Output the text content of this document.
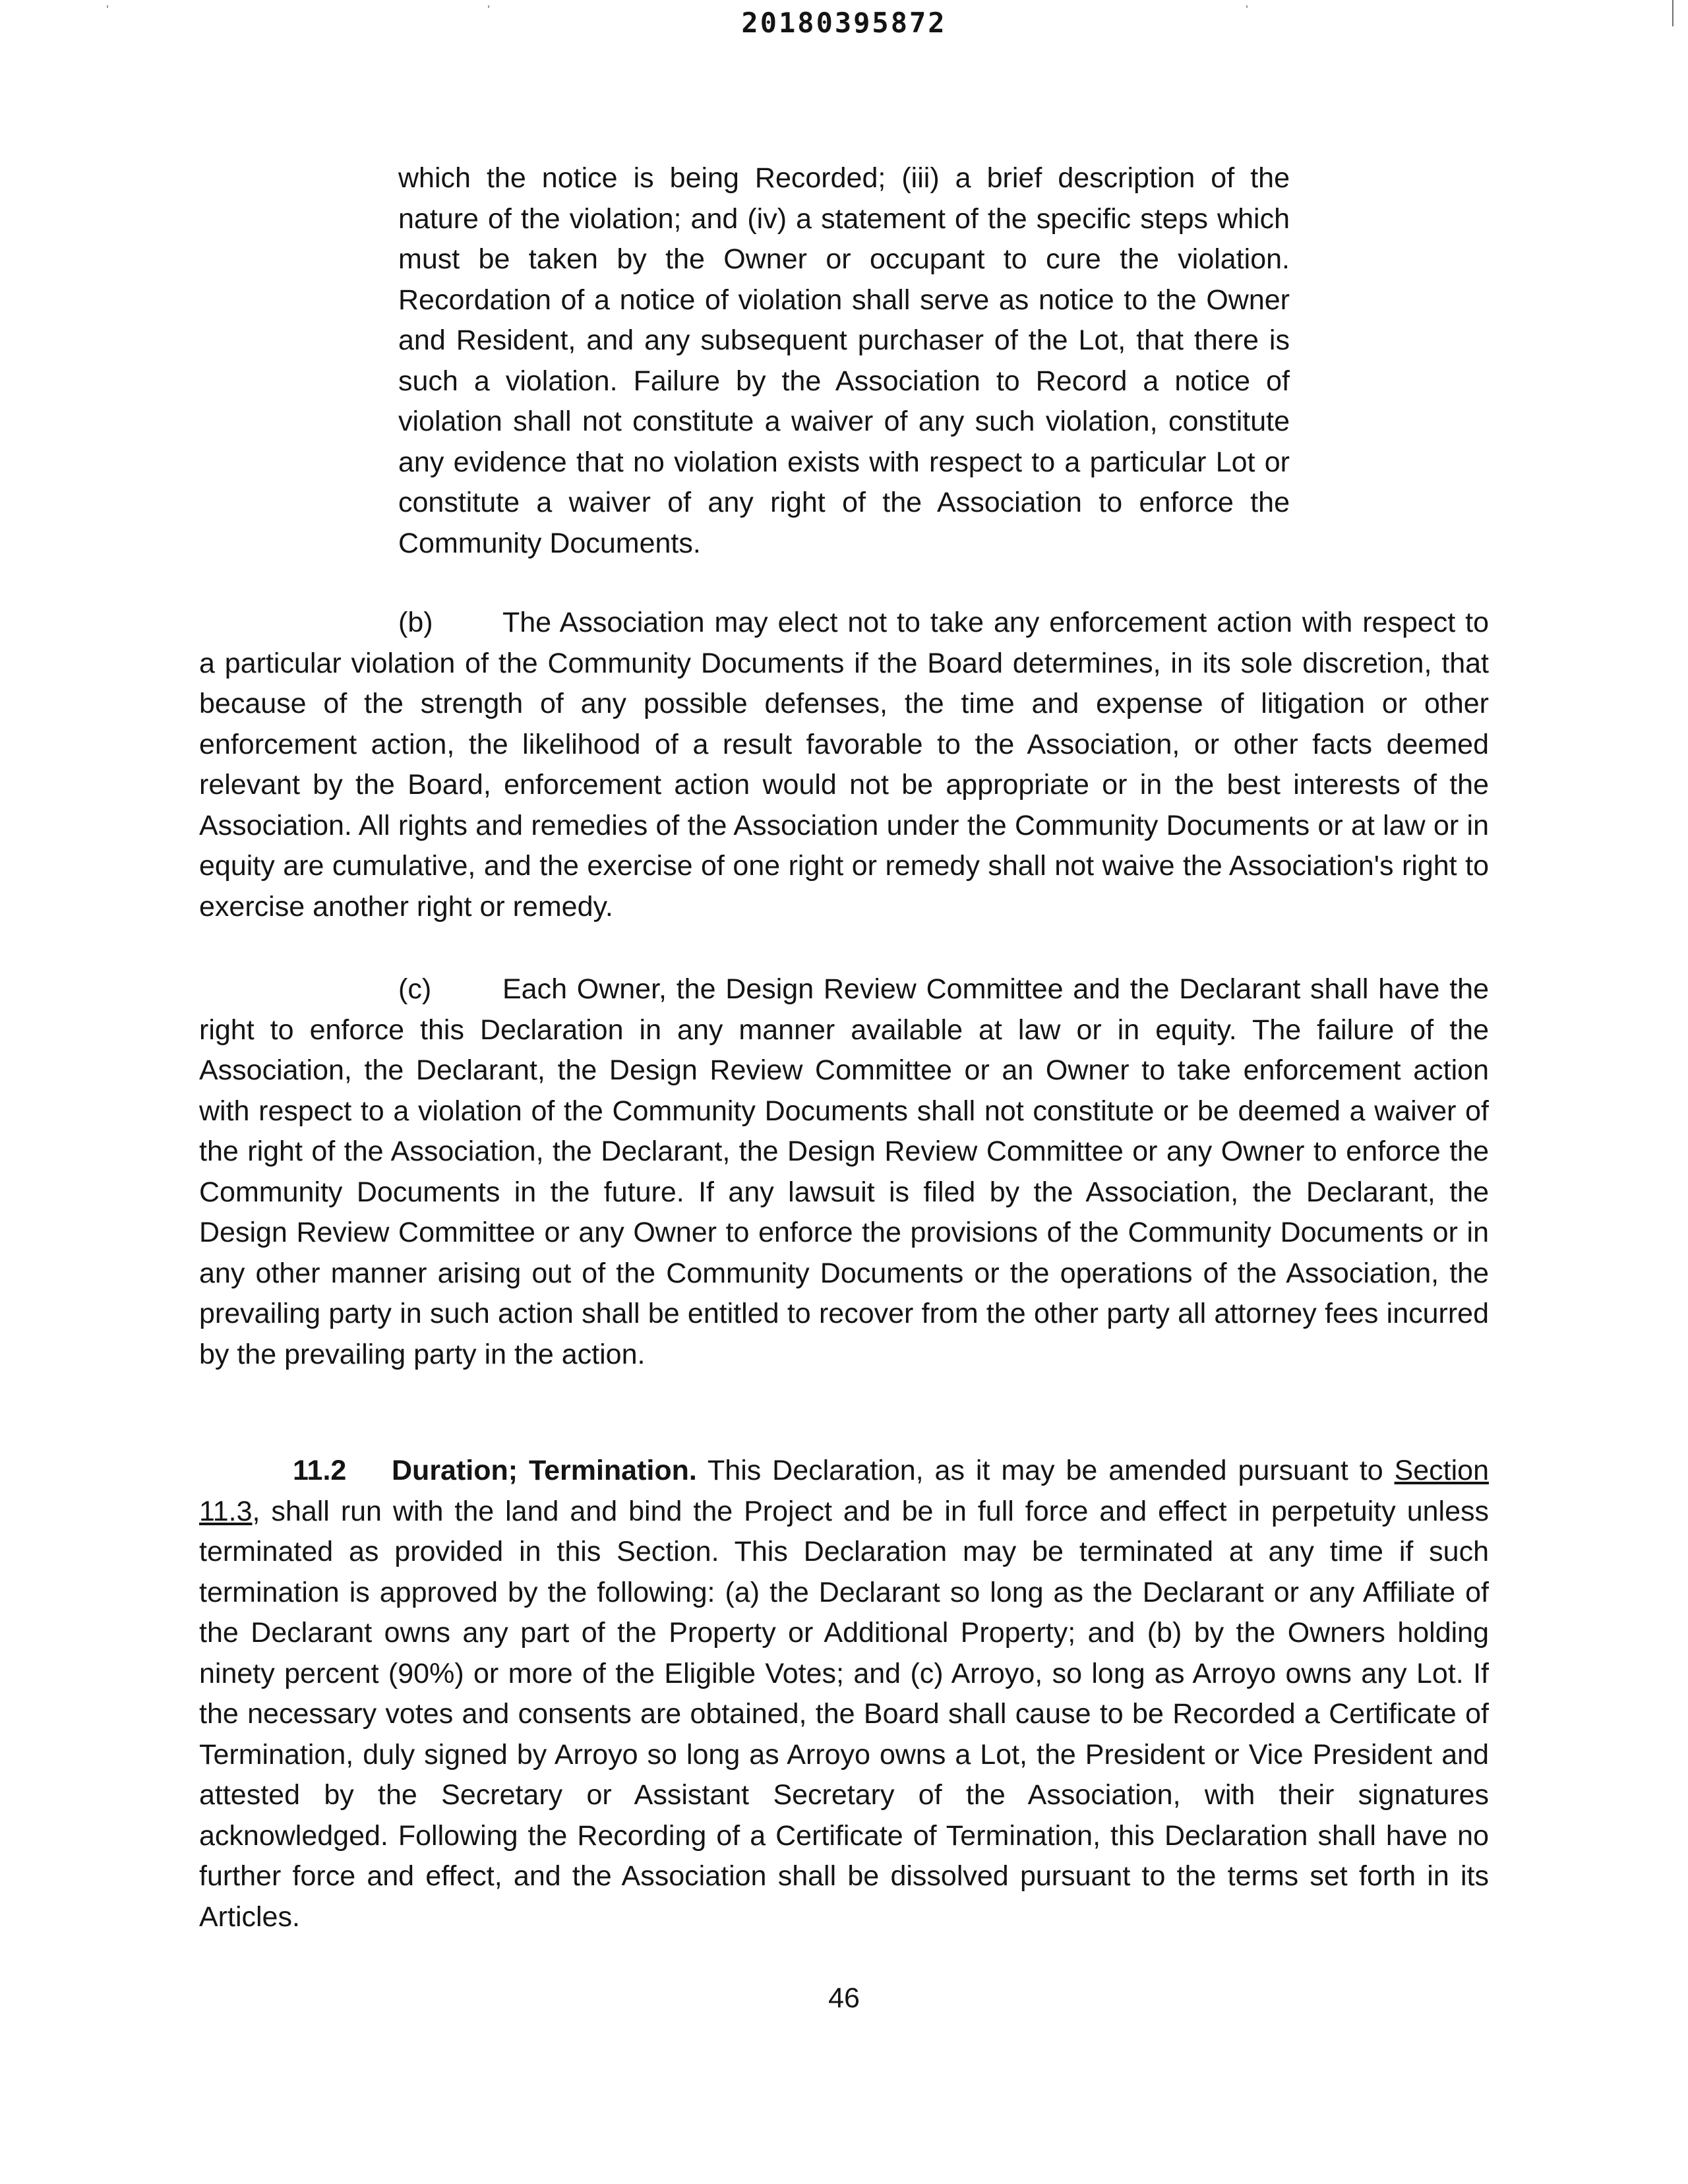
20180395872

which the notice is being Recorded; (iii) a brief description of the nature of the violation; and (iv) a statement of the specific steps which must be taken by the Owner or occupant to cure the violation. Recordation of a notice of violation shall serve as notice to the Owner and Resident, and any subsequent purchaser of the Lot, that there is such a violation. Failure by the Association to Record a notice of violation shall not constitute a waiver of any such violation, constitute any evidence that no violation exists with respect to a particular Lot or constitute a waiver of any right of the Association to enforce the Community Documents.

(b) The Association may elect not to take any enforcement action with respect to a particular violation of the Community Documents if the Board determines, in its sole discretion, that because of the strength of any possible defenses, the time and expense of litigation or other enforcement action, the likelihood of a result favorable to the Association, or other facts deemed relevant by the Board, enforcement action would not be appropriate or in the best interests of the Association. All rights and remedies of the Association under the Community Documents or at law or in equity are cumulative, and the exercise of one right or remedy shall not waive the Association's right to exercise another right or remedy.

(c)	Each Owner, the Design Review Committee and the Declarant shall have the right to enforce this Declaration in any manner available at law or in equity. The failure of the Association, the Declarant, the Design Review Committee or an Owner to take enforcement action with respect to a violation of the Community Documents shall not constitute or be deemed a waiver of the right of the Association, the Declarant, the Design Review Committee or any Owner to enforce the Community Documents in the future. If any lawsuit is filed by the Association, the Declarant, the Design Review Committee or any Owner to enforce the provisions of the Community Documents or in any other manner arising out of the Community Documents or the operations of the Association, the prevailing party in such action shall be entitled to recover from the other party all attorney fees incurred by the prevailing party in the action.

11.2 Duration; Termination. This Declaration, as it may be amended pursuant to Section 11.3, shall run with the land and bind the Project and be in full force and effect in perpetuity unless terminated as provided in this Section. This Declaration may be terminated at any time if such termination is approved by the following: (a) the Declarant so long as the Declarant or any Affiliate of the Declarant owns any part of the Property or Additional Property; and (b) by the Owners holding ninety percent (90%) or more of the Eligible Votes; and (c) Arroyo, so long as Arroyo owns any Lot. If the necessary votes and consents are obtained, the Board shall cause to be Recorded a Certificate of Termination, duly signed by Arroyo so long as Arroyo owns a Lot, the President or Vice President and attested by the Secretary or Assistant Secretary of the Association, with their signatures acknowledged. Following the Recording of a Certificate of Termination, this Declaration shall have no further force and effect, and the Association shall be dissolved pursuant to the terms set forth in its Articles.

46
